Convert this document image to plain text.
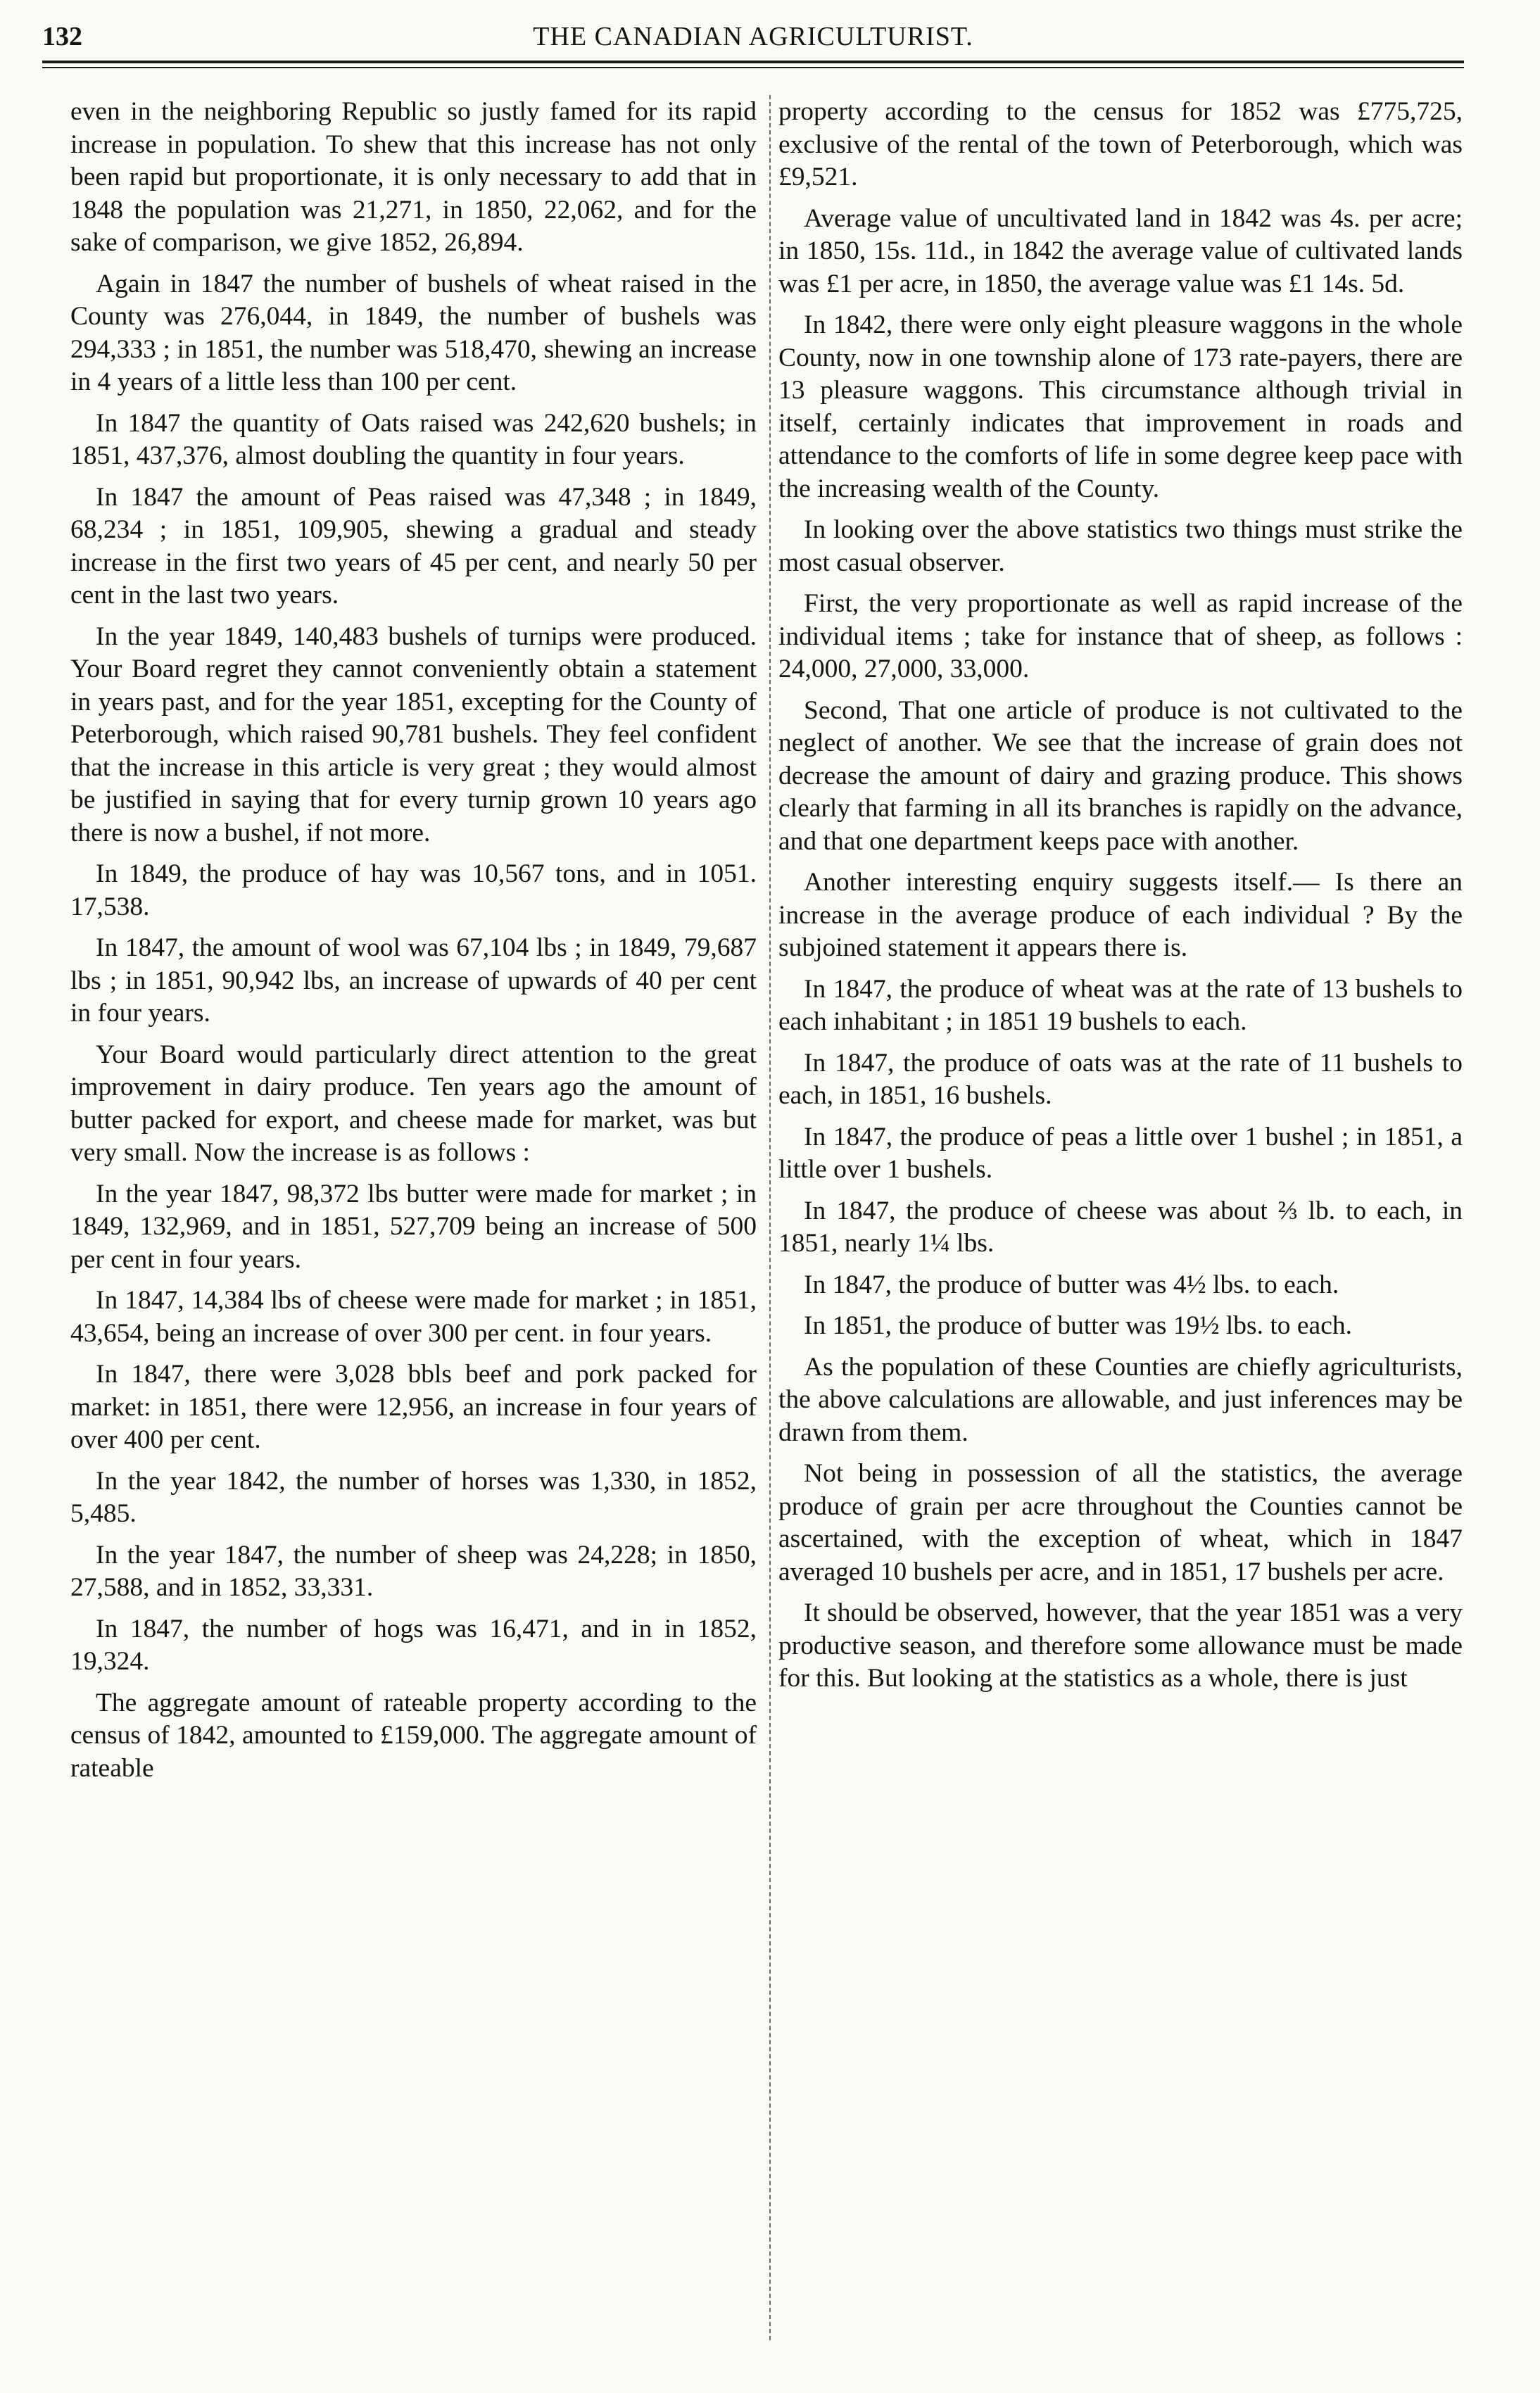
132	THE CANADIAN AGRICULTURIST.

even in the neighboring Republic so justly famed for its rapid increase in population. To shew that this increase has not only been rapid but proportionate, it is only necessary to add that in 1848 the population was 21,271, in 1850, 22,062, and for the sake of comparison, we give 1852, 26,894.

Again in 1847 the number of bushels of wheat raised in the County was 276,044, in 1849, the number of bushels was 294,333 ; in 1851, the number was 518,470, shewing an increase in 4 years of a little less than 100 per cent.

In 1847 the quantity of Oats raised was 242,620 bushels; in 1851, 437,376, almost doubling the quantity in four years.

In 1847 the amount of Peas raised was 47,348 ; in 1849, 68,234 ; in 1851, 109,905, shewing a gradual and steady increase in the first two years of 45 per cent, and nearly 50 per cent in the last two years.

In the year 1849, 140,483 bushels of turnips were produced. Your Board regret they cannot conveniently obtain a statement in years past, and for the year 1851, excepting for the County of Peterborough, which raised 90,781 bushels. They feel confident that the increase in this article is very great ; they would almost be justified in saying that for every turnip grown 10 years ago there is now a bushel, if not more.

In 1849, the produce of hay was 10,567 tons, and in 1051. 17,538.

In 1847, the amount of wool was 67,104 lbs ; in 1849, 79,687 lbs ; in 1851, 90,942 lbs, an increase of upwards of 40 per cent in four years.

Your Board would particularly direct attention to the great improvement in dairy produce. Ten years ago the amount of butter packed for export, and cheese made for market, was but very small. Now the increase is as follows :

In the year 1847, 98,372 lbs butter were made for market ; in 1849, 132,969, and in 1851, 527,709 being an increase of 500 per cent in four years.

In 1847, 14,384 lbs of cheese were made for market ; in 1851, 43,654, being an increase of over 300 per cent. in four years.

In 1847, there were 3,028 bbls beef and pork packed for market: in 1851, there were 12,956, an increase in four years of over 400 per cent.

In the year 1842, the number of horses was 1,330, in 1852, 5,485.

In the year 1847, the number of sheep was 24,228; in 1850, 27,588, and in 1852, 33,331.

In 1847, the number of hogs was 16,471, and in in 1852, 19,324.

The aggregate amount of rateable property according to the census of 1842, amounted to £159,000. The aggregate amount of rateable

property according to the census for 1852 was £775,725, exclusive of the rental of the town of Peterborough, which was £9,521.

Average value of uncultivated land in 1842 was 4s. per acre; in 1850, 15s. 11d., in 1842 the average value of cultivated lands was £1 per acre, in 1850, the average value was £1 14s. 5d.

In 1842, there were only eight pleasure waggons in the whole County, now in one township alone of 173 rate-payers, there are 13 pleasure waggons. This circumstance although trivial in itself, certainly indicates that improvement in roads and attendance to the comforts of life in some degree keep pace with the increasing wealth of the County.

In looking over the above statistics two things must strike the most casual observer.

First, the very proportionate as well as rapid increase of the individual items ; take for instance that of sheep, as follows : 24,000, 27,000, 33,000.

Second, That one article of produce is not cultivated to the neglect of another. We see that the increase of grain does not decrease the amount of dairy and grazing produce. This shows clearly that farming in all its branches is rapidly on the advance, and that one department keeps pace with another.

Another interesting enquiry suggests itself.— Is there an increase in the average produce of each individual ? By the subjoined statement it appears there is.

In 1847, the produce of wheat was at the rate of 13 bushels to each inhabitant ; in 1851 19 bushels to each.

In 1847, the produce of oats was at the rate of 11 bushels to each, in 1851, 16 bushels.

In 1847, the produce of peas a little over 1 bushel ; in 1851, a little over 1 bushels.

In 1847, the produce of cheese was about ⅔ lb. to each, in 1851, nearly 1¼ lbs.

In 1847, the produce of butter was 4½ lbs. to each.

In 1851, the produce of butter was 19½ lbs. to each.

As the population of these Counties are chiefly agriculturists, the above calculations are allowable, and just inferences may be drawn from them.

Not being in possession of all the statistics, the average produce of grain per acre throughout the Counties cannot be ascertained, with the exception of wheat, which in 1847 averaged 10 bushels per acre, and in 1851, 17 bushels per acre.

It should be observed, however, that the year 1851 was a very productive season, and therefore some allowance must be made for this. But looking at the statistics as a whole, there is just
